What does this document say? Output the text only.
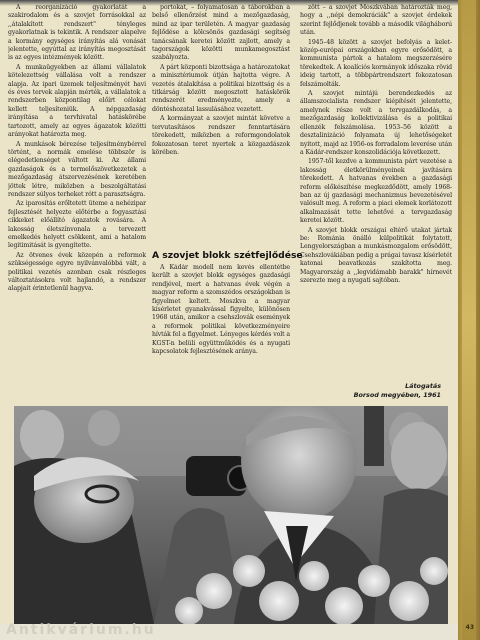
A reorganizáció gyakorlatát a szakirodalom és a szovjet forrásokkal az ,,átalakított rendszert" tényleges gyakorlatnak is tekintik. A rendszer alapelve a kormány egységes irányítás alá vonását jelentette, egyúttal az irányítás megosztását is az egyes intézmények között.

A munkaügyekben az állami vállalatok kötelezettség vállalása volt a rendszer alapja. Az ipari üzemek teljesítményét havi és éves tervek alapján mérték, a vállalatok a rendszerben központilag előírt célokat kellett teljesíteniük. A népgazdaság irányítása a tervhivatal hatáskörébe tartozott, amely az egyes ágazatok közötti arányokat határozta meg.

A munkások bérezése teljesítménybérrel történt, a normák emelése többször is elégedetlenséget váltott ki. Az állami gazdaságok és a termelőszövetkezetek a mezőgazdaság átszervezésének keretében jöttek létre, miközben a beszolgáltatási rendszer súlyos terheket rótt a parasztságra.

Az iparosítás erőltetett üteme a nehézipar fejlesztését helyezte előtérbe a fogyasztási cikkeket előállító ágazatok rovására. A lakosság életszínvonala a tervezett emelkedés helyett csökkent, ami a hatalom legitimitását is gyengítette.

Az ötvenes évek közepén a reformok szükségessége egyre nyilvánvalóbbá vált, a politikai vezetés azonban csak részleges változtatásokra volt hajlandó, a rendszer alapjait érintetlenül hagyva.

portokat, – folyamatosan a táborokban a belső ellenőrzést mind a mezőgazdaság, mind az ipar területén. A magyar gazdaság fejlődése a kölcsönös gazdasági segítség tanácsának keretei között zajlott, amely a tagországok közötti munkamegosztást szabályozta.

A párt központi bizottsága a határozatokat a minisztériumok útján hajtotta végre. A vezetés átalakítása a politikai bizottság és a titkárság között megosztott hatáskörök rendszerét eredményezte, amely a döntéshozatal lassulásához vezetett.

A kormányzat a szovjet mintát követve a tervutasításos rendszer fenntartására törekedett, miközben a reformgondolatok fokozatosan teret nyertek a közgazdászok körében.

A szovjet blokk szétfejlődése

A Kádár modell nem kevés ellentétbe került a szovjet blokk egységes gazdasági rendjével, mert a hatvanas évek végén a magyar reform a szomszédos országokban is figyelmet keltett. Moszkva a magyar kísérletet gyanakvással figyelte, különösen 1968 után, amikor a csehszlovák események a reformok politikai következményeire hívták fel a figyelmet. Lényeges kérdés volt a KGST-n belüli együttműködés és a nyugati kapcsolatok fejlesztésének aránya.

zött – a szovjet Moszkvában határozták meg, hogy a ,,népi demokráciák" a szovjet érdekek szerint fejlődjenek tovább a második világháború után.

1945–48 között a szovjet befolyás a kelet-közép-európai országokban egyre erősödött, a kommunista pártok a hatalom megszerzésére törekedtek. A koalíciós kormányok időszaka rövid ideig tartott, a többpártrendszert fokozatosan felszámolták.

A szovjet mintájú berendezkedés az államszocialista rendszer kiépítését jelentette, amelynek része volt a tervgazdálkodás, a mezőgazdaság kollektivizálása és a politikai ellenzék felszámolása. 1953–56 között a desztalinizáció folyamata új lehetőségeket nyitott, majd az 1956-os forradalom leverése után a Kádár-rendszer konszolidációja következett.

1957-től kezdve a kommunista párt vezetése a lakosság életkörülményeinek javítására törekedett. A hatvanas években a gazdasági reform előkészítése megkezdődött, amely 1968-ban az új gazdasági mechanizmus bevezetésével valósult meg. A reform a piaci elemek korlátozott alkalmazását tette lehetővé a tervgazdaság keretei között.

A szovjet blokk országai eltérő utakat jártak be: Románia önálló külpolitikát folytatott, Lengyelországban a munkásmozgalom erősödött, Csehszlovákiában pedig a prágai tavasz kísérletét katonai beavatkozás szakította meg. Magyarország a ,,legvidámabb barakk" hírnevét szerezte meg a nyugati sajtóban.

Látogatás
Borsod megyében, 1961
43
Antikvárium.hu
